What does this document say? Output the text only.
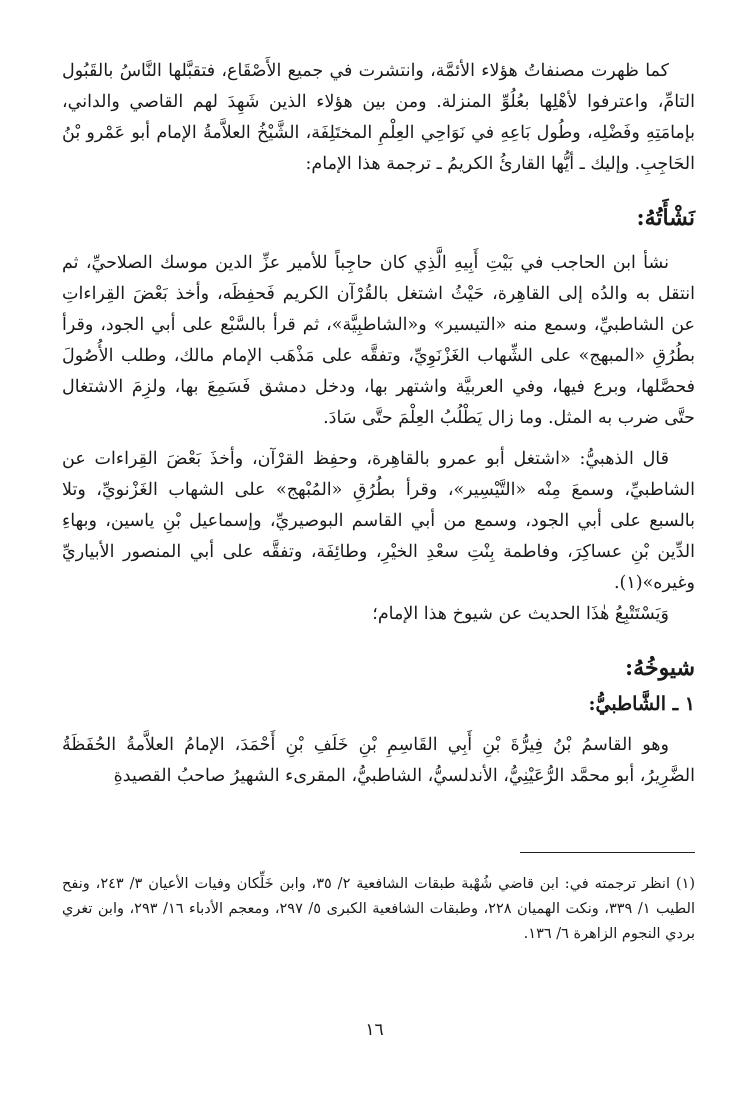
كما ظهرت مصنفاتُ هؤلاء الأئمَّة، وانتشرت في جميع الأَصْقَاع، فتقبَّلها النَّاسُ بالقَبُول التامِّ، واعترفوا لأهْلِها بعُلُوِّ المنزلة. ومن بين هؤلاء الذين شَهِدَ لهم القاصي والداني، بإمامَتِهِ وفَضْلِه، وطُول بَاعِهِ في نَوَاحِي العِلْمِ المختَلِفَة، الشَّيْخُ العلاَّمةُ الإمام أبو عَمْرو بْنُ الحَاجِبِ. وإليك ـ أيُّها القارئُ الكريمُ ـ ترجمة هذا الإمام:

نَشْأَتُهُ:

نشأ ابن الحاجب في بَيْتِ أَبِيهِ الَّذِي كان حاجِباً للأمير عزِّ الدين موسك الصلاحيِّ، ثم انتقل به والدُه إلى القاهِرة، حَيْثُ اشتغل بالقُرْآن الكريم فَحفِظَه، وأخذ بَعْضَ القِراءاتِ عن الشاطبيِّ، وسمع منه «التيسير» و«الشاطبِيَّة»، ثم قرأ بالسَّبْع على أبي الجود، وقرأ بطُرُقِ «المبهج» على الشِّهاب الغَزْنَوِيِّ، وتفقَّه على مَذْهَب الإمام مالك، وطلب الأُصُولَ فحصَّلها، وبرع فيها، وفي العربيَّة واشتهر بها، ودخل دمشق فَسَمِعَ بها، ولزِمَ الاشتغال حتَّى ضرب به المثل. وما زال يَطْلُبُ العِلْمَ حتَّى سَادَ.

قال الذهبيُّ: «اشتغل أبو عمرو بالقاهِرة، وحفِظ القرْآن، وأخذَ بَعْضَ القِراءات عن الشاطبيِّ، وسمعَ مِنْه «التَّيْسِير»، وقرأ بطُرُقِ «المُبْهج» على الشهاب الغَزْنويِّ، وتلا بالسبع على أبي الجود، وسمع من أبي القاسم البوصيريِّ، وإسماعيل بْنِ ياسين، وبهاءِ الدِّين بْنِ عساكِرَ، وفاطمة بِنْتِ سعْدِ الخيْرِ، وطائِفَة، وتفقَّه على أبي المنصور الأبياريِّ وغيره»(١).

وَيَسْتَتْبِعُ هٰذَا الحديث عن شيوخ هذا الإمام؛

شيوخُهُ:

١ ـ الشَّاطبيُّ:

وهو القاسمُ بْنُ فِيرُّةَ بْنِ أَبِي القَاسِمِ بْنِ خَلَفِ بْنِ أَحْمَدَ، الإمامُ العلاَّمةُ الحُفَظَةُ الضَّرِيرُ، أبو محمَّد الرُّعَيْنِيُّ، الأندلسيُّ، الشاطبيُّ، المقرىء الشهيرُ صاحبُ القصيدةِ

(١) انظر ترجمته في: ابن قاضي شُهْبة طبقات الشافعية ٢/ ٣٥، وابن خَلِّكان وفيات الأعيان ٣/ ٢٤٣، ونفح الطيب ١/ ٣٣٩، ونكت الهميان ٢٢٨، وطبقات الشافعية الكبرى ٥/ ٢٩٧، ومعجم الأدباء ١٦/ ٢٩٣، وابن تغري بردي النجوم الزاهرة ٦/ ١٣٦.

١٦
